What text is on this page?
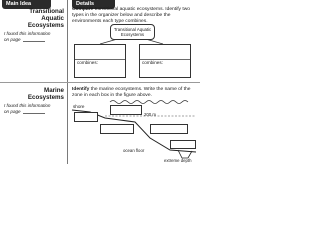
Main Idea	Details
Transitional
Aquatic
Ecosystems
I found this information
on page
Compare transitional aquatic ecosystems. Identify two types in the organizer below and describe the environments each type combines.
Transitional Aquatic
Ecosystems
combines:	combines:
Marine
Ecosystems
I found this information
on page
Identify the marine ecosystems. Write the name of the zone in each box in the figure above.
shore
200 m
ocean floor
extreme depth
